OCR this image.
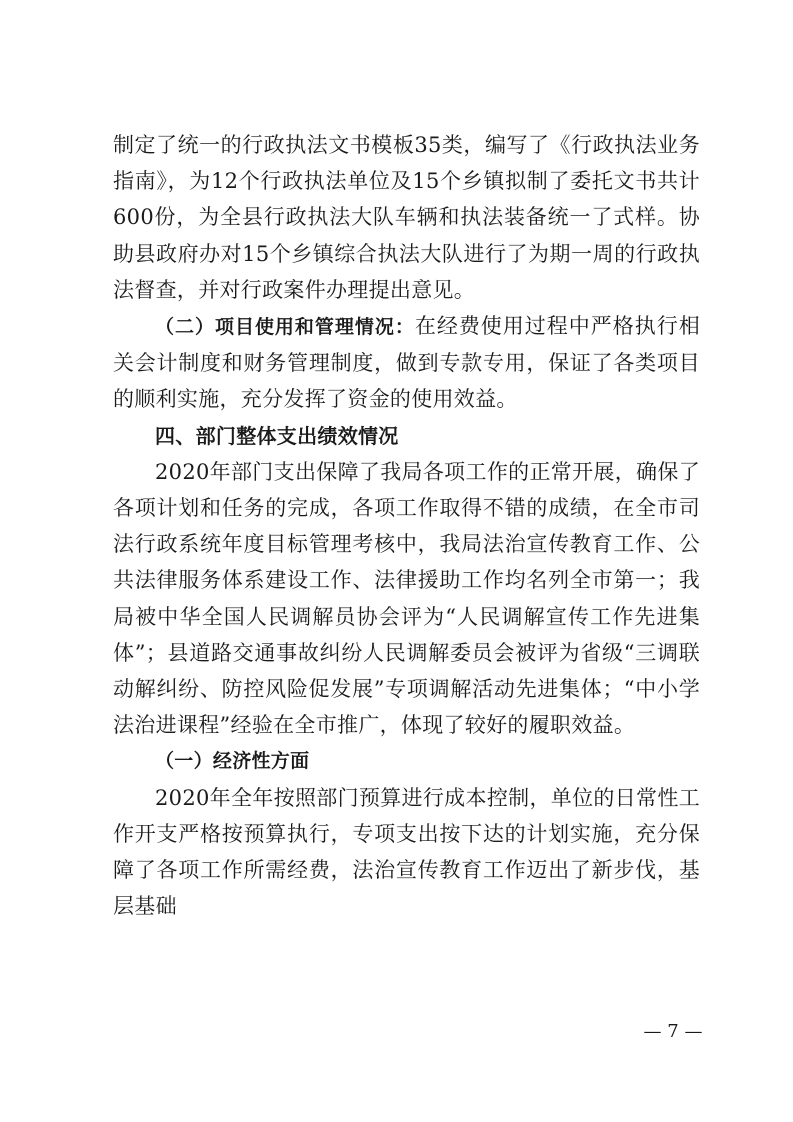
制定了统一的行政执法文书模板35类，编写了《行政执法业务指南》，为12个行政执法单位及15个乡镇拟制了委托文书共计600份，为全县行政执法大队车辆和执法装备统一了式样。协助县政府办对15个乡镇综合执法大队进行了为期一周的行政执法督查，并对行政案件办理提出意见。

（二）项目使用和管理情况：在经费使用过程中严格执行相关会计制度和财务管理制度，做到专款专用，保证了各类项目的顺利实施，充分发挥了资金的使用效益。

四、部门整体支出绩效情况

2020年部门支出保障了我局各项工作的正常开展，确保了各项计划和任务的完成，各项工作取得不错的成绩，在全市司法行政系统年度目标管理考核中，我局法治宣传教育工作、公共法律服务体系建设工作、法律援助工作均名列全市第一；我局被中华全国人民调解员协会评为“人民调解宣传工作先进集体”；县道路交通事故纠纷人民调解委员会被评为省级“三调联动解纠纷、防控风险促发展”专项调解活动先进集体；“中小学法治进课程”经验在全市推广，体现了较好的履职效益。

（一）经济性方面

2020年全年按照部门预算进行成本控制，单位的日常性工作开支严格按预算执行，专项支出按下达的计划实施，充分保障了各项工作所需经费，法治宣传教育工作迈出了新步伐，基层基础

— 7 —
